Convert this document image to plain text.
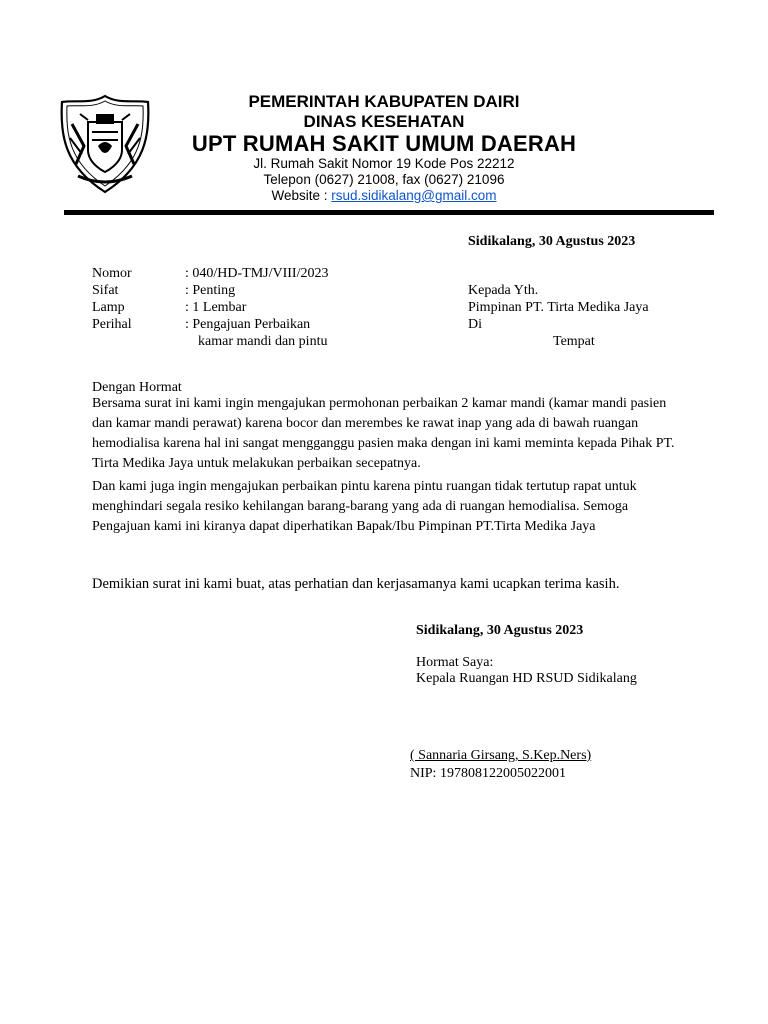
PEMERINTAH KABUPATEN DAIRI
DINAS KESEHATAN
UPT RUMAH SAKIT UMUM DAERAH
Jl. Rumah Sakit Nomor 19 Kode Pos 22212
Telepon (0627) 21008, fax (0627) 21096
Website : rsud.sidikalang@gmail.com
Sidikalang, 30 Agustus 2023
Nomor	: 040/HD-TMJ/VIII/2023
Sifat	: Penting
Lamp	: 1 Lembar
Perihal	: Pengajuan Perbaikan
kamar mandi dan pintu
Kepada Yth.
Pimpinan PT. Tirta Medika Jaya
Di
Tempat
Dengan Hormat
Bersama surat ini kami ingin mengajukan permohonan perbaikan 2 kamar mandi (kamar mandi pasien dan kamar mandi perawat) karena bocor dan merembes ke rawat inap yang ada di bawah ruangan hemodialisa karena hal ini sangat mengganggu pasien maka dengan ini kami meminta kepada Pihak PT. Tirta Medika Jaya untuk melakukan perbaikan secepatnya.
Dan kami juga ingin mengajukan perbaikan pintu karena pintu ruangan tidak tertutup rapat untuk menghindari segala resiko kehilangan barang-barang yang ada di ruangan hemodialisa. Semoga Pengajuan kami ini kiranya dapat diperhatikan Bapak/Ibu Pimpinan PT.Tirta Medika Jaya
Demikian surat ini kami buat, atas perhatian dan kerjasamanya kami ucapkan terima kasih.
Sidikalang, 30 Agustus 2023
Hormat Saya:
Kepala Ruangan HD RSUD Sidikalang
( Sannaria Girsang, S.Kep.Ners)
NIP: 197808122005022001
